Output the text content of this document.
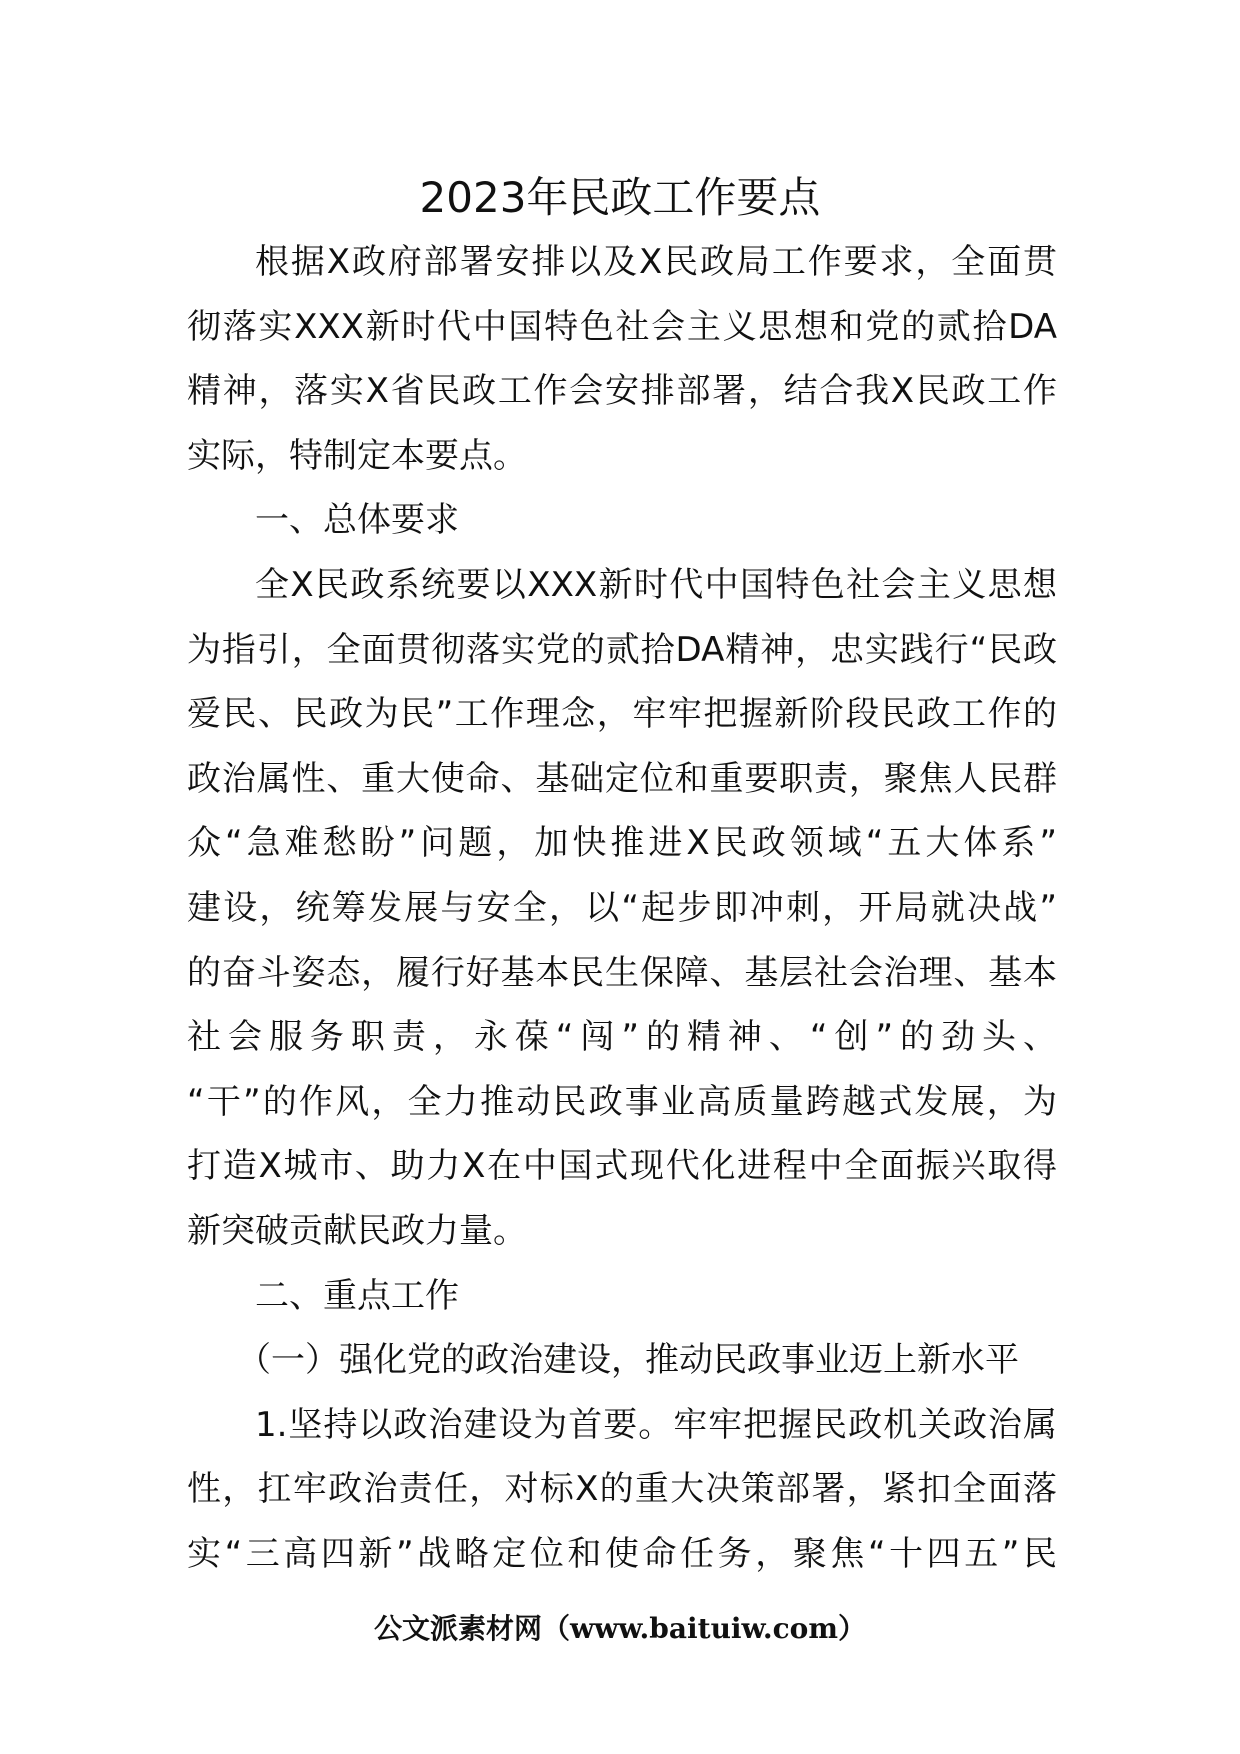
2023年民政工作要点
根据X政府部署安排以及X民政局工作要求，全面贯
彻落实XXX新时代中国特色社会主义思想和党的贰拾DA
精神，落实X省民政工作会安排部署，结合我X民政工作
实际，特制定本要点。
一、总体要求
全X民政系统要以XXX新时代中国特色社会主义思想
为指引，全面贯彻落实党的贰拾DA精神，忠实践行“民政
爱民、民政为民”工作理念，牢牢把握新阶段民政工作的
政治属性、重大使命、基础定位和重要职责，聚焦人民群
众“急难愁盼”问题，加快推进X民政领域“五大体系”
建设，统筹发展与安全，以“起步即冲刺，开局就决战”
的奋斗姿态，履行好基本民生保障、基层社会治理、基本
社会服务职责，永葆“闯”的精神、“创”的劲头、
“干”的作风，全力推动民政事业高质量跨越式发展，为
打造X城市、助力X在中国式现代化进程中全面振兴取得
新突破贡献民政力量。
二、重点工作
（一）强化党的政治建设，推动民政事业迈上新水平
1.坚持以政治建设为首要。牢牢把握民政机关政治属
性，扛牢政治责任，对标X的重大决策部署，紧扣全面落
实“三高四新”战略定位和使命任务，聚焦“十四五”民
公文派素材网（www.baituiw.com）
